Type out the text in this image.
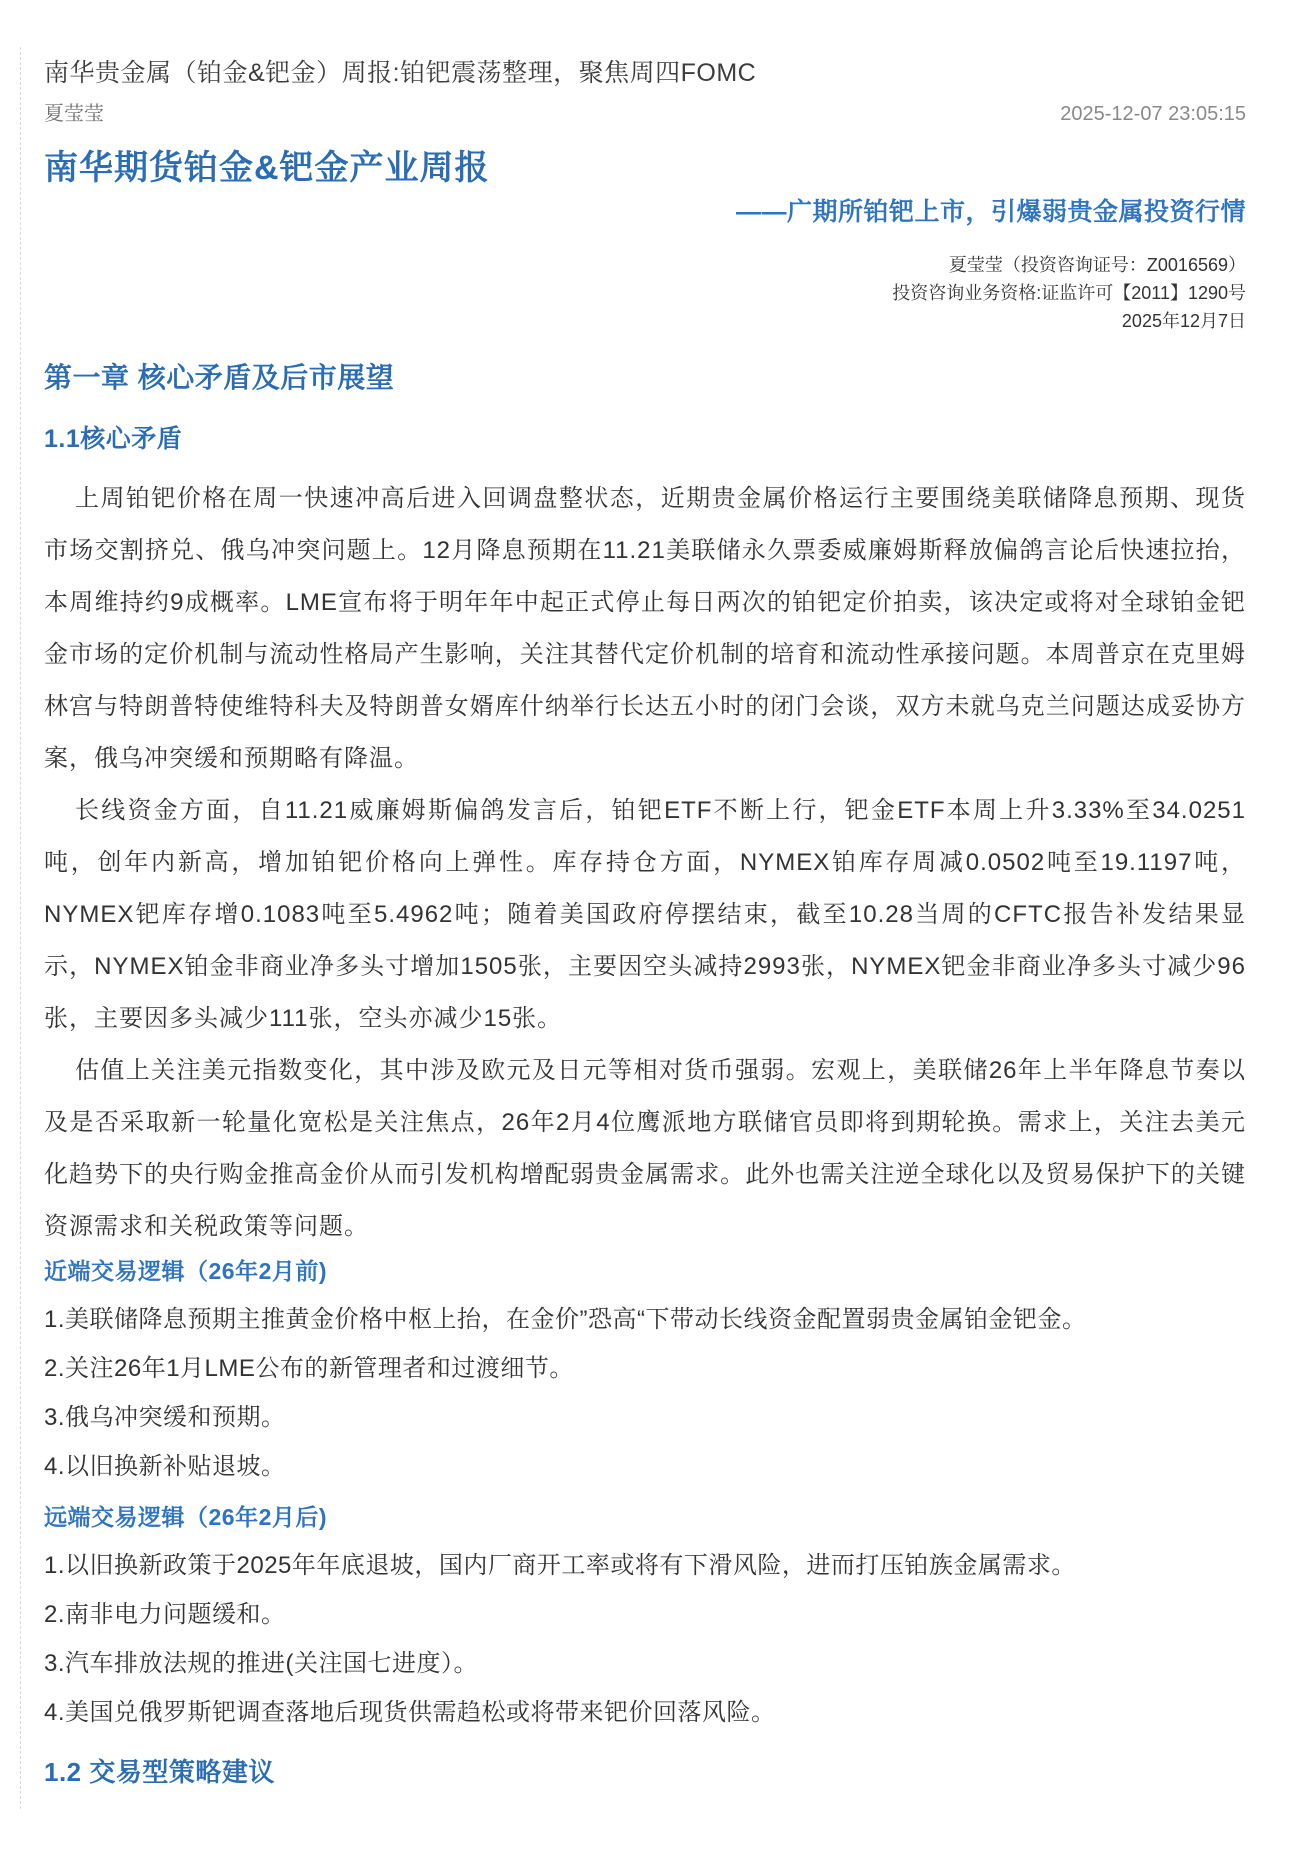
南华贵金属（铂金&钯金）周报:铂钯震荡整理，聚焦周四FOMC
夏莹莹	2025-12-07 23:05:15
南华期货铂金&钯金产业周报
——广期所铂钯上市，引爆弱贵金属投资行情
夏莹莹（投资咨询证号：Z0016569）
投资咨询业务资格:证监许可【2011】1290号
2025年12月7日
第一章 核心矛盾及后市展望
1.1核心矛盾

上周铂钯价格在周一快速冲高后进入回调盘整状态，近期贵金属价格运行主要围绕美联储降息预期、现货市场交割挤兑、俄乌冲突问题上。12月降息预期在11.21美联储永久票委威廉姆斯释放偏鸽言论后快速拉抬，本周维持约9成概率。LME宣布将于明年年中起正式停止每日两次的铂钯定价拍卖，该决定或将对全球铂金钯金市场的定价机制与流动性格局产生影响，关注其替代定价机制的培育和流动性承接问题。本周普京在克里姆林宫与特朗普特使维特科夫及特朗普女婿库什纳举行长达五小时的闭门会谈，双方未就乌克兰问题达成妥协方案，俄乌冲突缓和预期略有降温。

长线资金方面，自11.21威廉姆斯偏鸽发言后，铂钯ETF不断上行，钯金ETF本周上升3.33%至34.0251吨，创年内新高，增加铂钯价格向上弹性。库存持仓方面，NYMEX铂库存周减0.0502吨至19.1197吨，NYMEX钯库存增0.1083吨至5.4962吨；随着美国政府停摆结束，截至10.28当周的CFTC报告补发结果显示，NYMEX铂金非商业净多头寸增加1505张，主要因空头减持2993张，NYMEX钯金非商业净多头寸减少96张，主要因多头减少111张，空头亦减少15张。

估值上关注美元指数变化，其中涉及欧元及日元等相对货币强弱。宏观上，美联储26年上半年降息节奏以及是否采取新一轮量化宽松是关注焦点，26年2月4位鹰派地方联储官员即将到期轮换。需求上，关注去美元化趋势下的央行购金推高金价从而引发机构增配弱贵金属需求。此外也需关注逆全球化以及贸易保护下的关键资源需求和关税政策等问题。

近端交易逻辑（26年2月前)

1.美联储降息预期主推黄金价格中枢上抬，在金价”恐高“下带动长线资金配置弱贵金属铂金钯金。

2.关注26年1月LME公布的新管理者和过渡细节。

3.俄乌冲突缓和预期。

4.以旧换新补贴退坡。

远端交易逻辑（26年2月后)

1.以旧换新政策于2025年年底退坡，国内厂商开工率或将有下滑风险，进而打压铂族金属需求。

2.南非电力问题缓和。

3.汽车排放法规的推进(关注国七进度）。

4.美国兑俄罗斯钯调查落地后现货供需趋松或将带来钯价回落风险。

1.2 交易型策略建议
